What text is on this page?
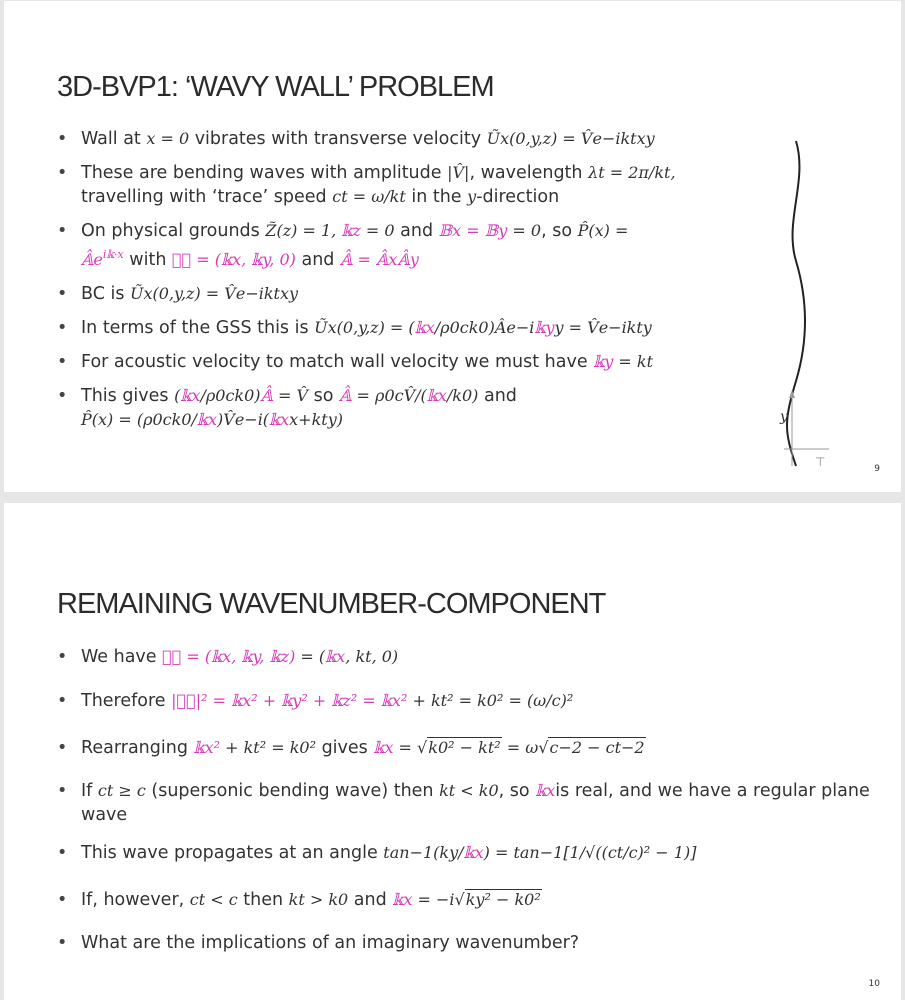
3D-BVP1: ‘WAVY WALL’ PROBLEM
• Wall at x = 0 vibrates with transverse velocity Ũx(0,y,z) = V̂e−iktxy
• These are bending waves with amplitude |V̂|, wavelength λt = 2π/kt,
travelling with ‘trace’ speed ct = ω/kt in the y-direction
• On physical grounds Z̃(z) = 1, 𝕜z = 0 and 𝔹x = 𝔹y = 0, so P̂(x) =
$𝔸̂e^{i𝕜\cdot x}$ with 𝕜⃗ = (𝕜x, 𝕜y, 0) and 𝔸̂ = 𝔸̂x𝔸̂y
• BC is Ũx(0,y,z) = V̂e−iktxy
• In terms of the GSS this is Ũx(0,y,z) = (𝕜x/ρ0ck0)Âe−i𝕜yy = V̂e−ikty
• For acoustic velocity to match wall velocity we must have 𝕜y = kt
• This gives (𝕜x/ρ0ck0)𝔸̂ = V̂ so 𝔸̂ = ρ0cV̂/(𝕜x/k0) and
P̂(x) = (ρ0ck0/𝕜x)V̂e−i(𝕜xx+kty)
⊤
y
9
REMAINING WAVENUMBER-COMPONENT
• We have 𝕜⃗ = (𝕜x, 𝕜y, 𝕜z) = (𝕜x, kt, 0)
• Therefore |𝕜⃗|² = 𝕜x² + 𝕜y² + 𝕜z² = 𝕜x² + kt² = k0² = (ω/c)²
• Rearranging 𝕜x² + kt² = k0² gives 𝕜x = √k0² − kt² = ω√c−2 − ct−2
• If ct ≥ c (supersonic bending wave) then kt < k0, so 𝕜xis real, and we have a regular plane wave
• This wave propagates at an angle tan−1(ky/𝕜x) = tan−1[1/√((ct/c)² − 1)]
• If, however, ct < c then kt > k0 and 𝕜x = −i√ky² − k0²
• What are the implications of an imaginary wavenumber?
10
